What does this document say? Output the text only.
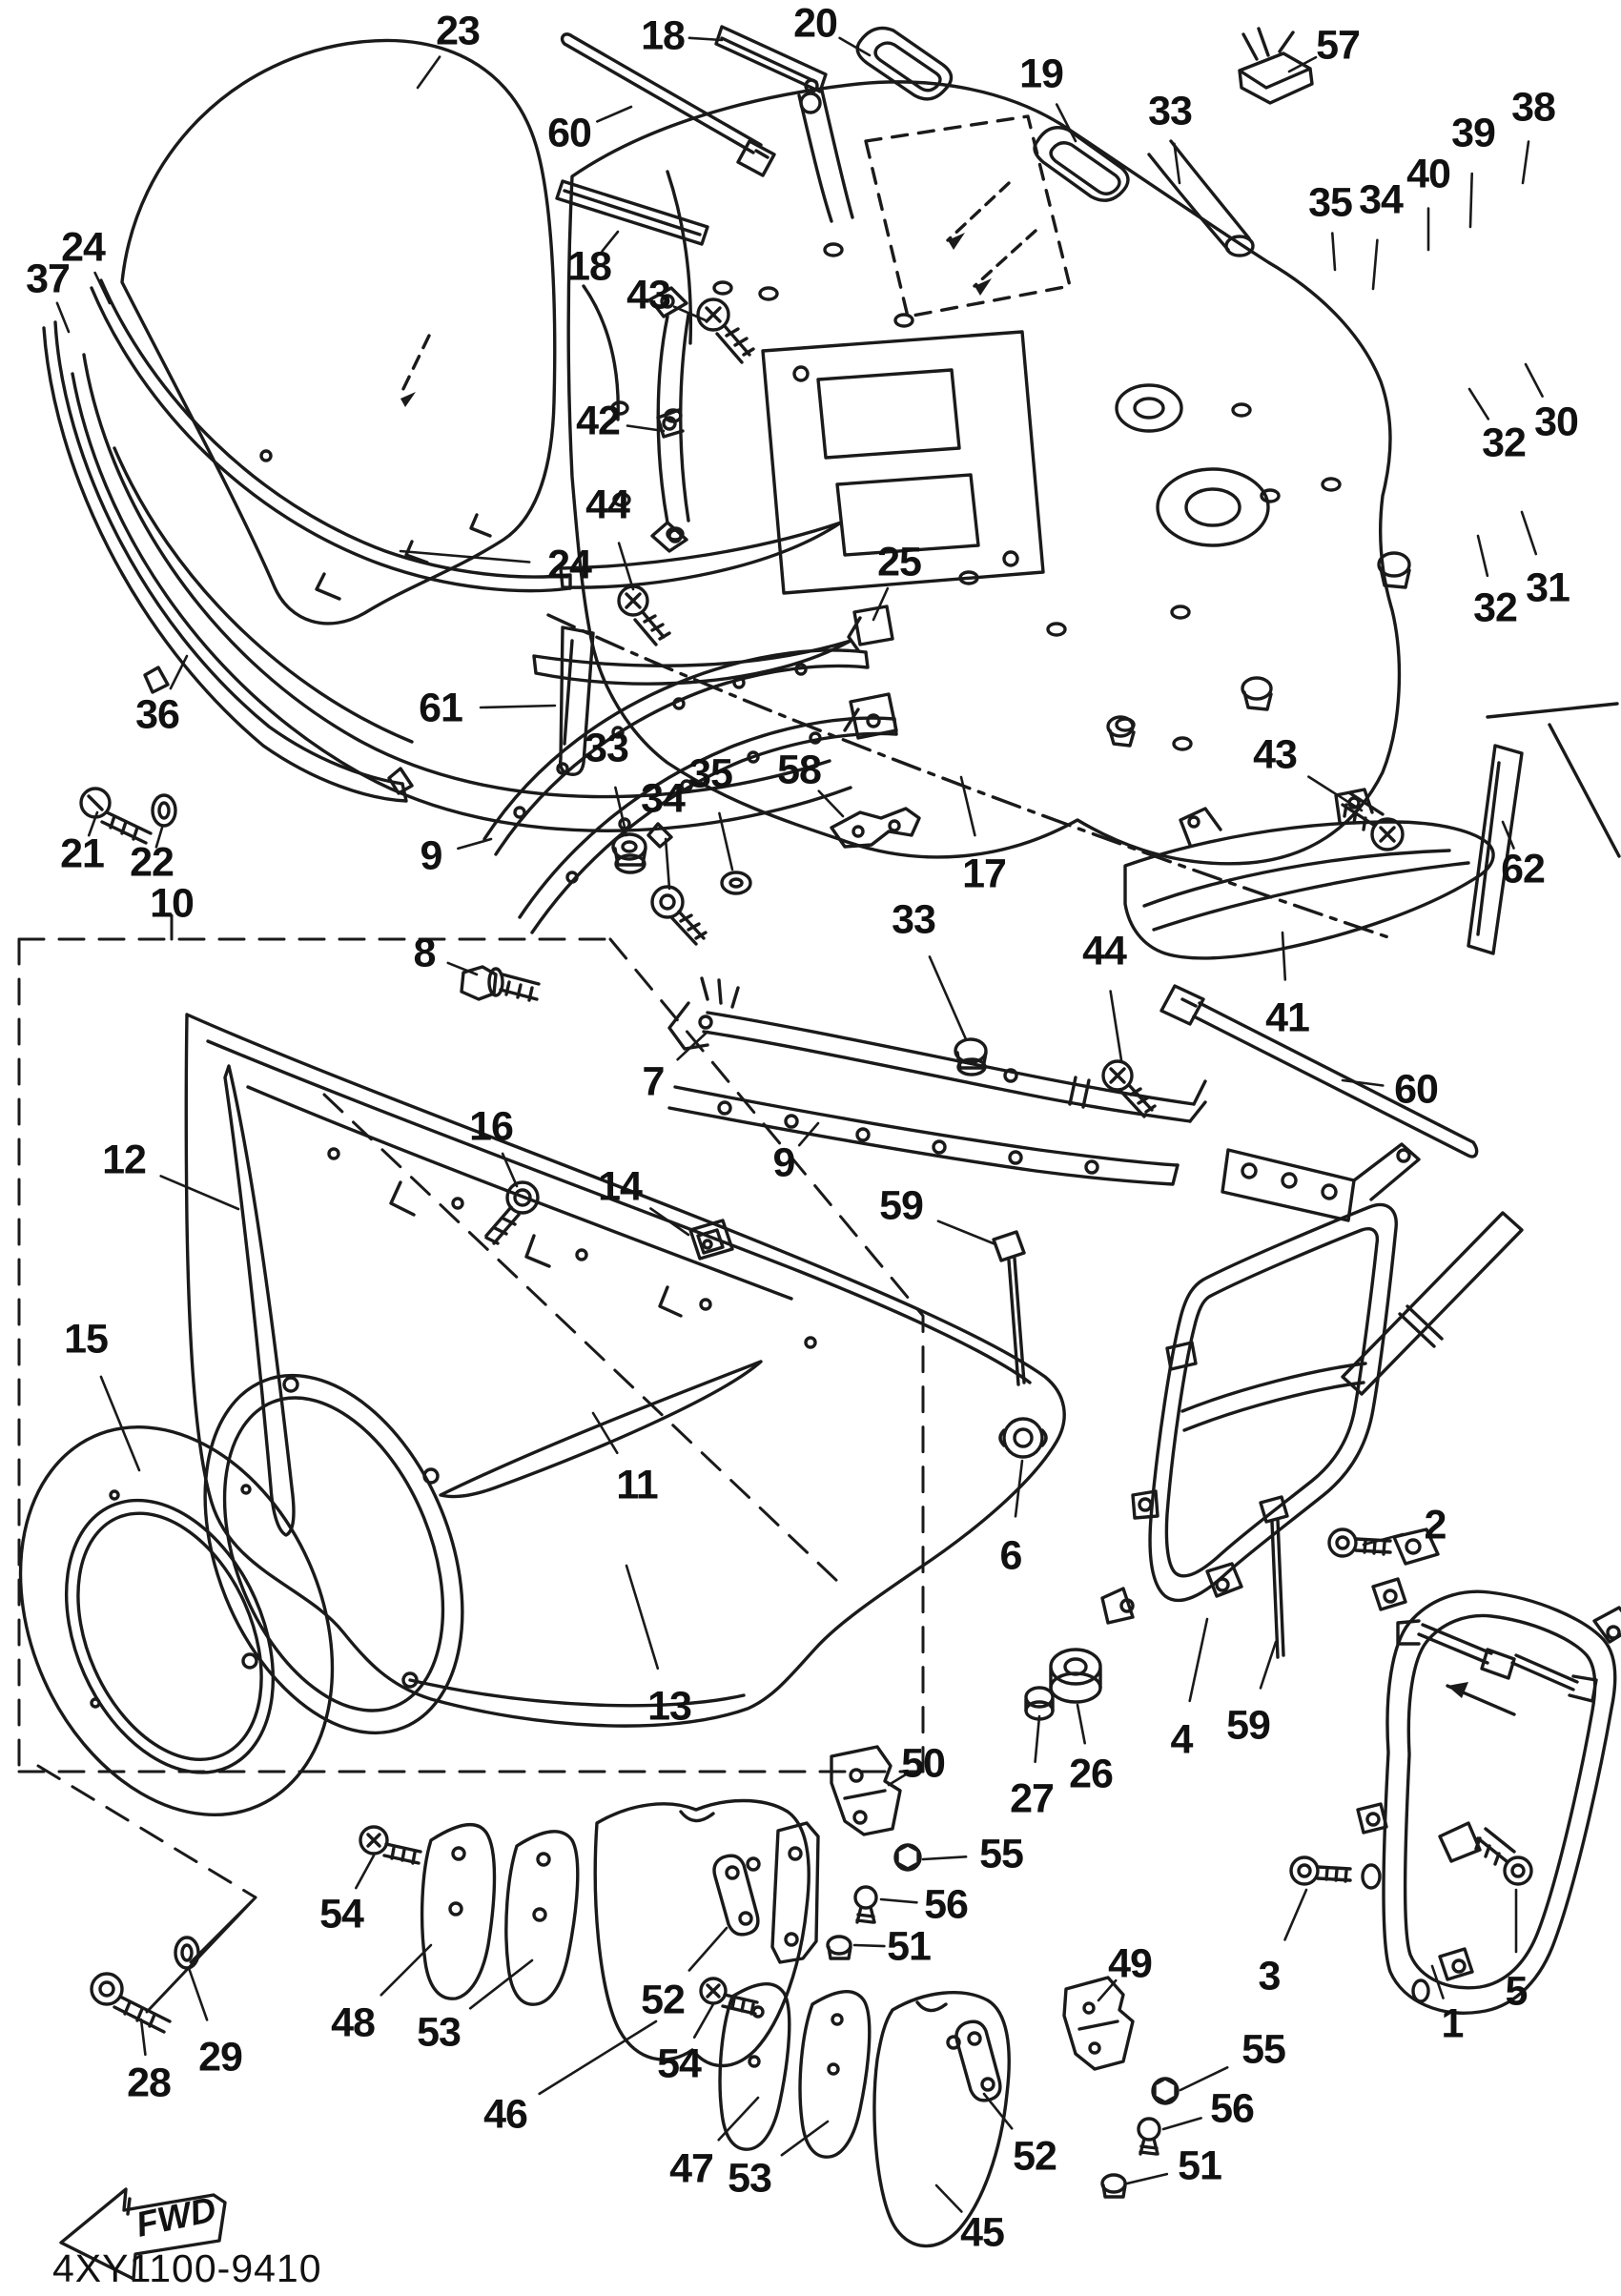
FWD
23	18	20
19
33
57
38
39
40
35 34
30
32
31
32
60
18
43
37
24
42
44
25
24
17
36	61
21 22	9
33
34
35 58
33
43
62
44
41
60
10
8
7
9
12
16
14	59
15
11
13
6
2
4 59
26
27
3
1
5
50
55
56
51	49
55
56
51
52
54
48 53
46
54
47 53	52
45
28
29
4XY1100-9410
